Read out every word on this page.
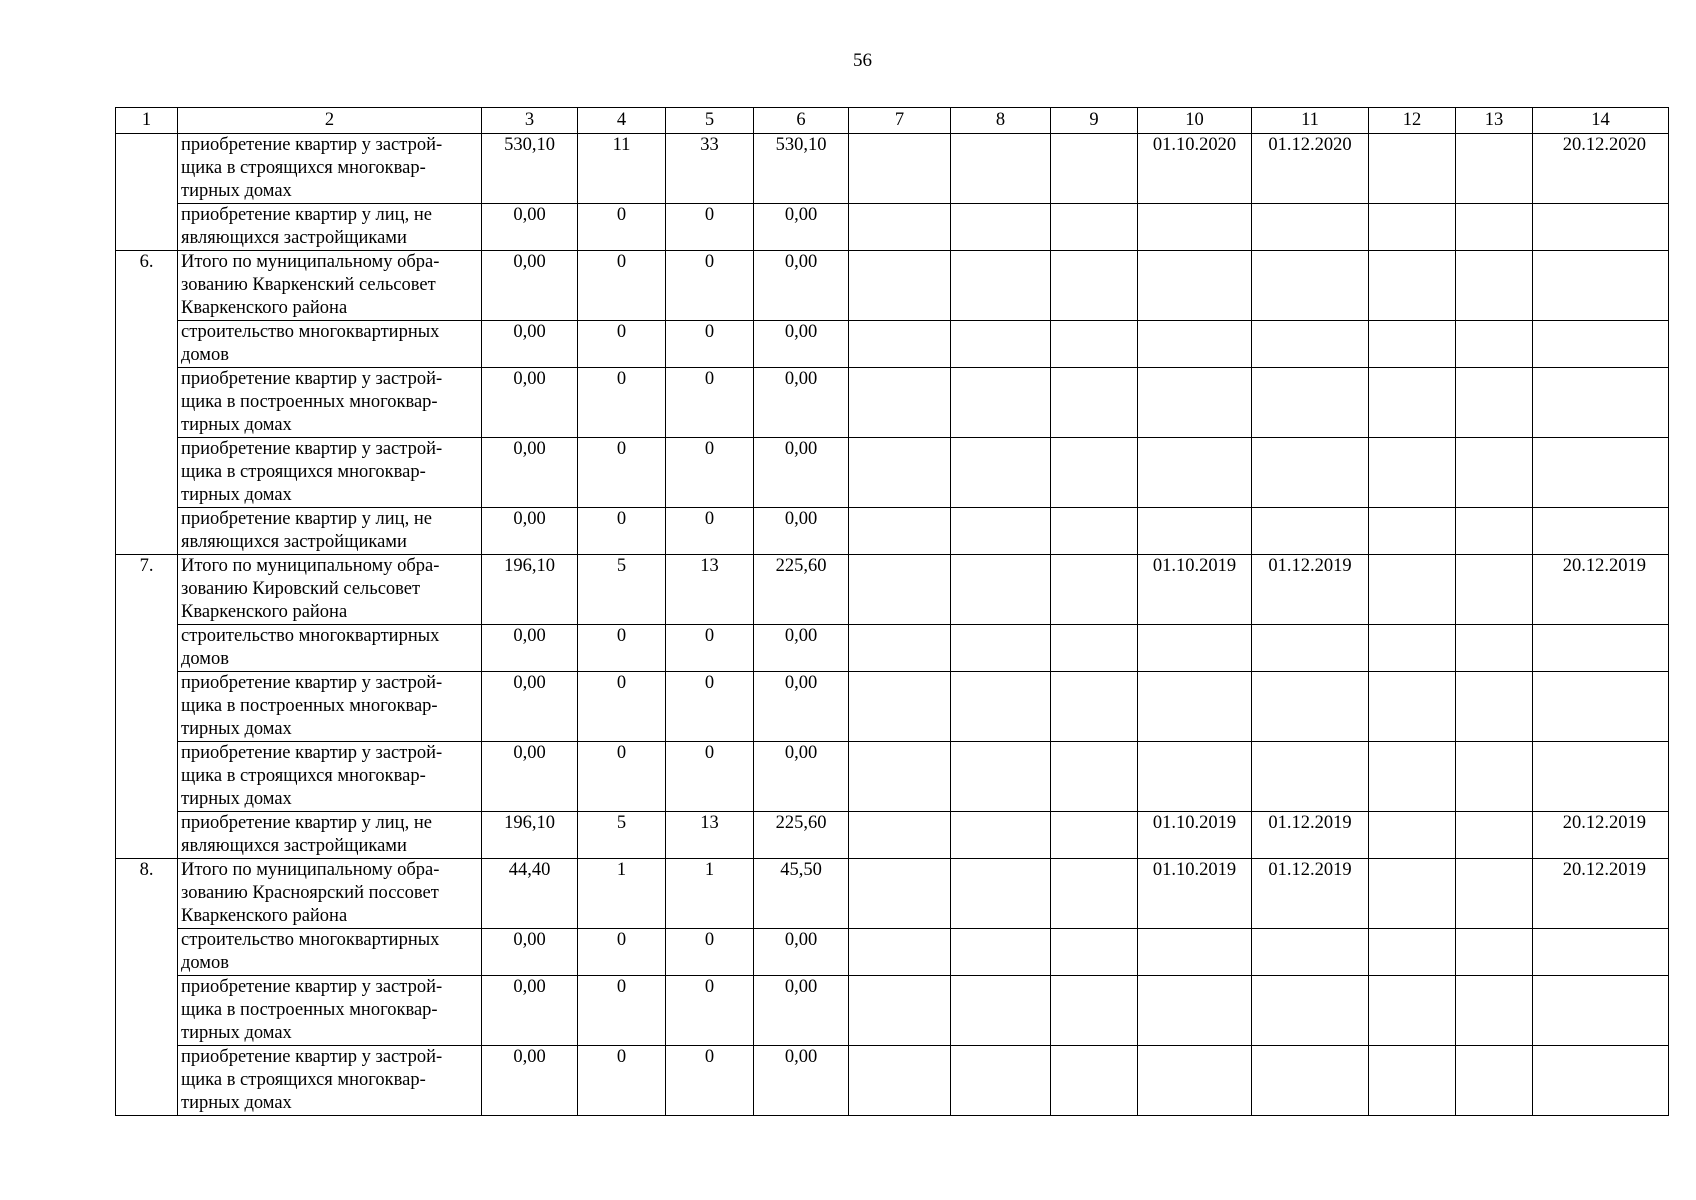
56
1	2	3	4	5	6	7	8	9	10	11	12	13	14

	приобретение квартир у застрой-
щика в строящихся многоквар-
тирных домах	530,10	11	33	530,10				01.10.2020	01.12.2020			20.12.2020

	приобретение квартир у лиц, не
являющихся застройщиками	0,00	0	0	0,00								
6.	Итого по муниципальному обра-
зованию Кваркенский сельсовет
Кваркенского района	0,00	0	0	0,00								

	строительство многоквартирных
домов	0,00	0	0	0,00								

	приобретение квартир у застрой-
щика в построенных многоквар-
тирных домах	0,00	0	0	0,00								

	приобретение квартир у застрой-
щика в строящихся многоквар-
тирных домах	0,00	0	0	0,00								

	приобретение квартир у лиц, не
являющихся застройщиками	0,00	0	0	0,00								
7.	Итого по муниципальному обра-
зованию Кировский сельсовет
Кваркенского района	196,10	5	13	225,60				01.10.2019	01.12.2019			20.12.2019

	строительство многоквартирных
домов	0,00	0	0	0,00								

	приобретение квартир у застрой-
щика в построенных многоквар-
тирных домах	0,00	0	0	0,00								

	приобретение квартир у застрой-
щика в строящихся многоквар-
тирных домах	0,00	0	0	0,00								

	приобретение квартир у лиц, не
являющихся застройщиками	196,10	5	13	225,60				01.10.2019	01.12.2019			20.12.2019
8.	Итого по муниципальному обра-
зованию Красноярский поссовет
Кваркенского района	44,40	1	1	45,50				01.10.2019	01.12.2019			20.12.2019

	строительство многоквартирных
домов	0,00	0	0	0,00								

	приобретение квартир у застрой-
щика в построенных многоквар-
тирных домах	0,00	0	0	0,00								

	приобретение квартир у застрой-
щика в строящихся многоквар-
тирных домах	0,00	0	0	0,00								
